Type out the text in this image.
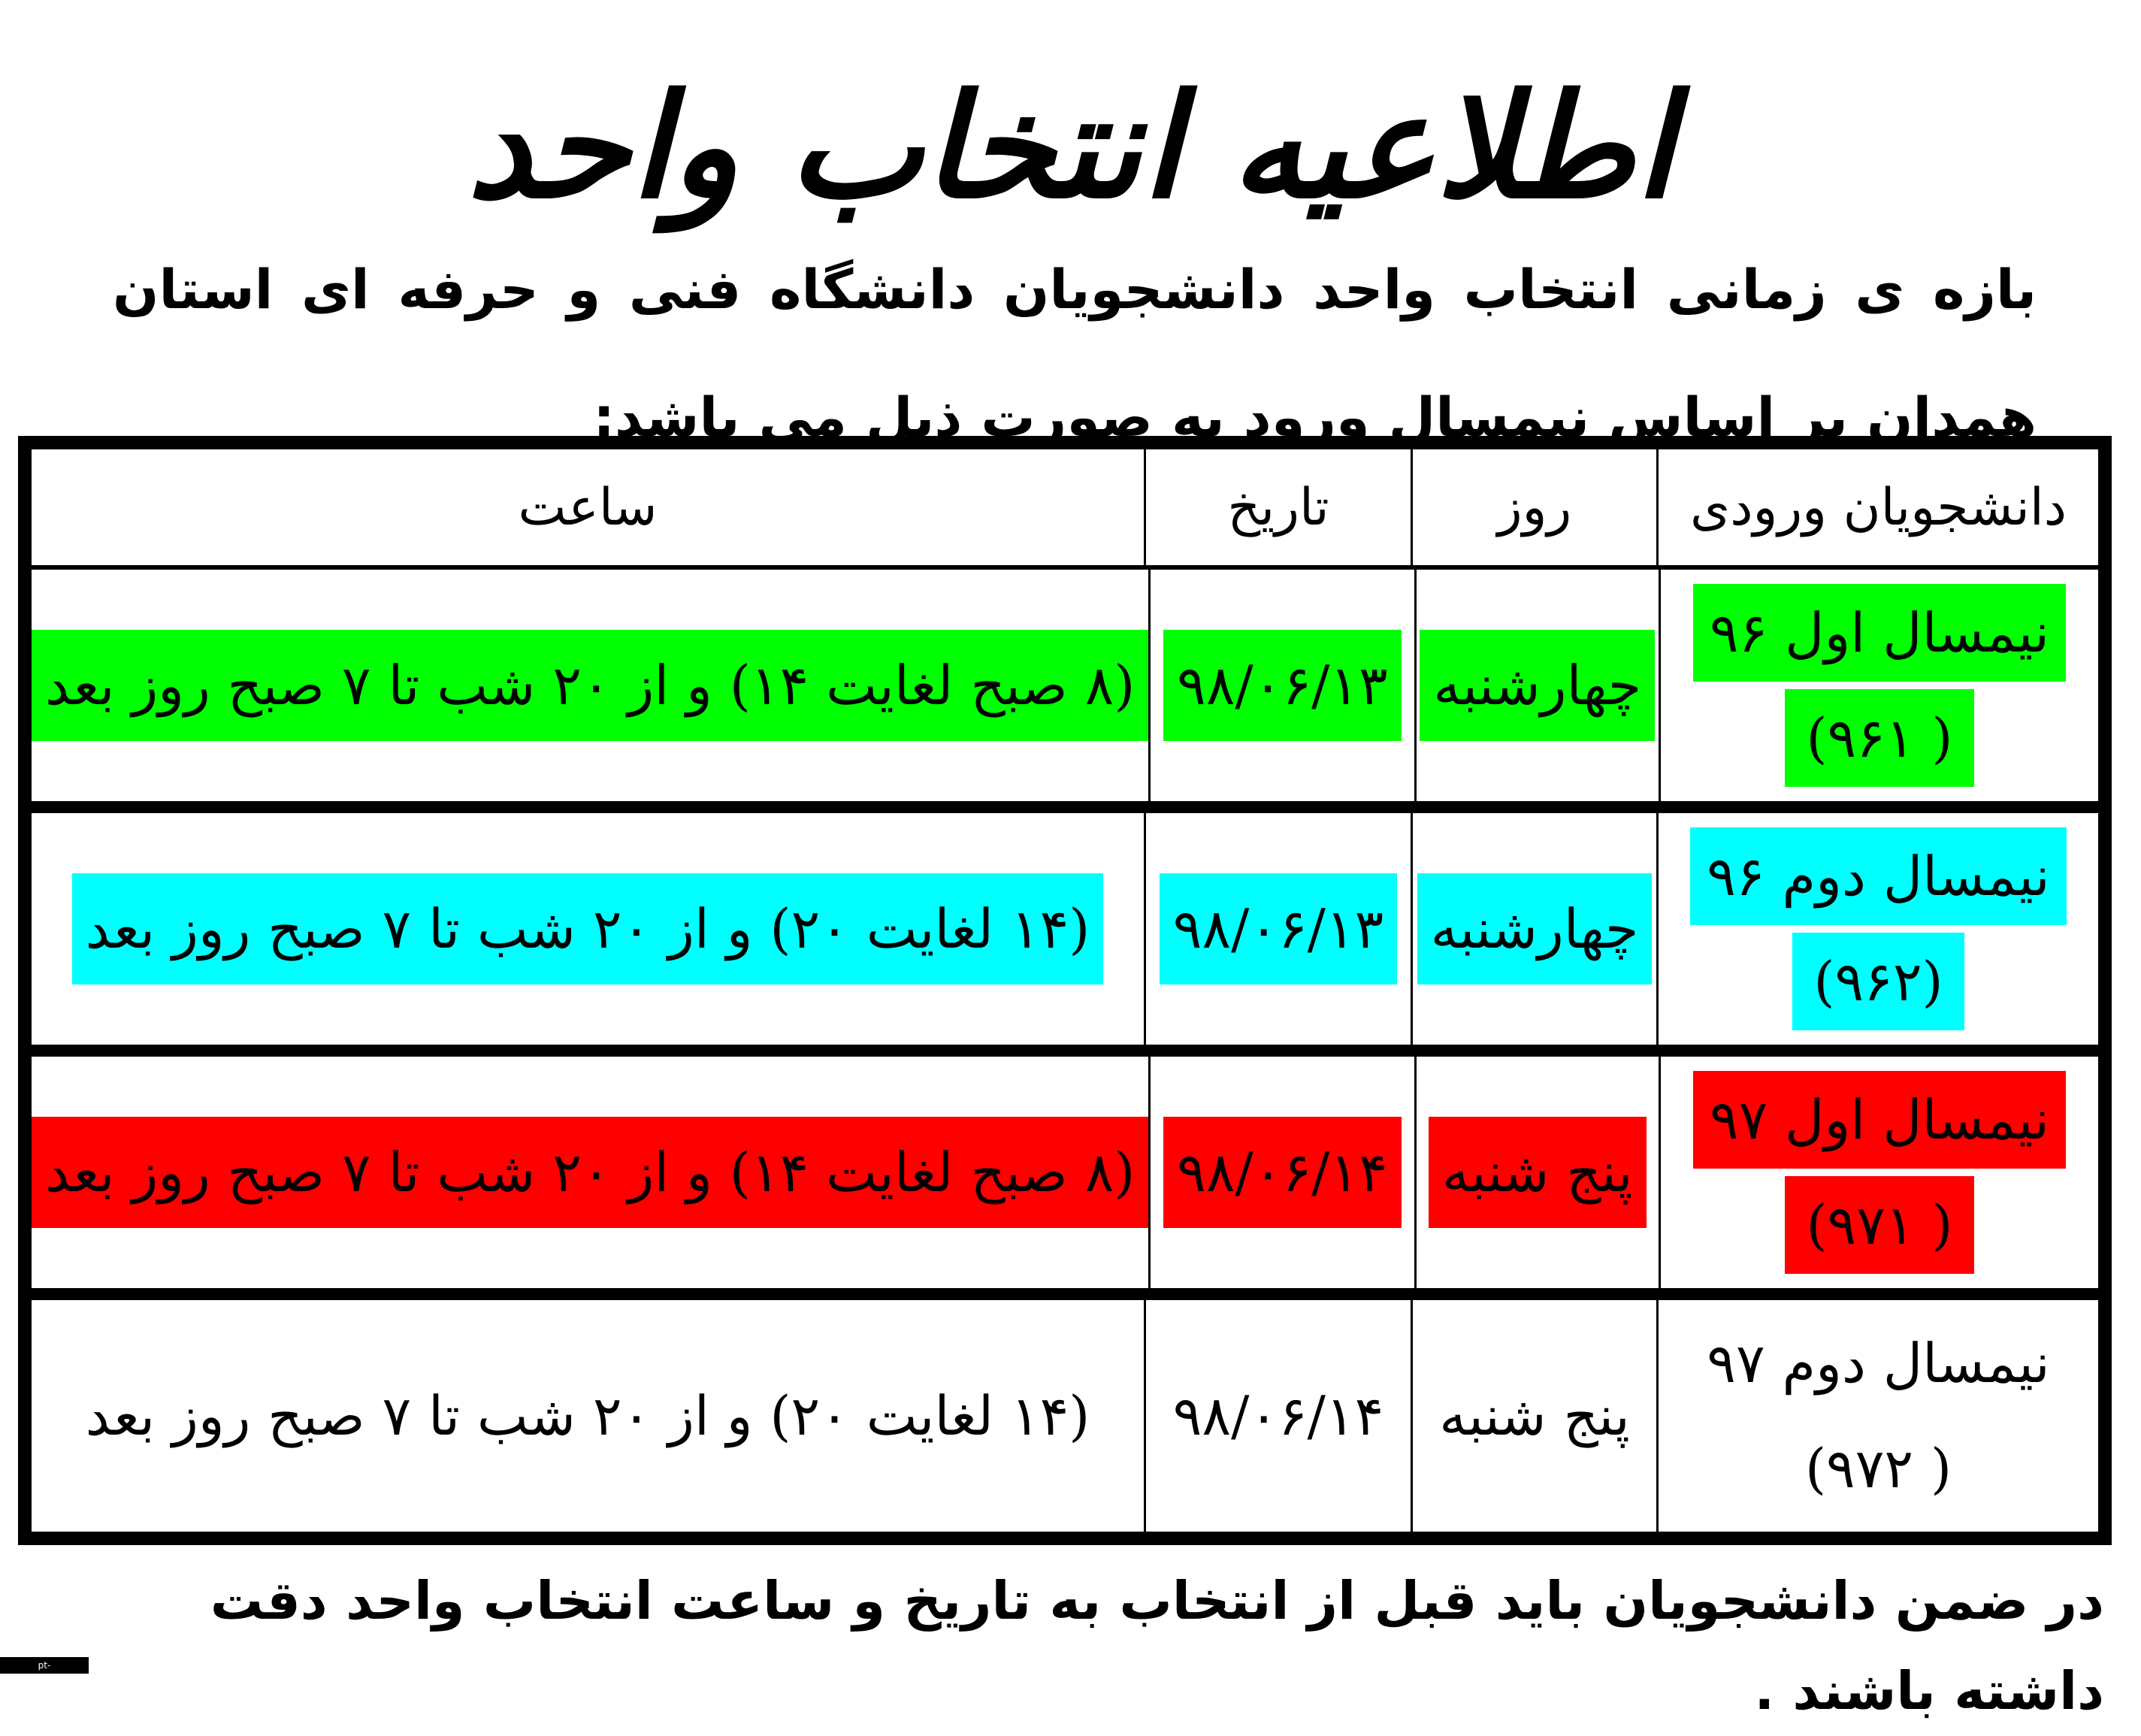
اطلاعیه انتخاب واحد
بازه ی زمانی انتخاب واحد دانشجویان دانشگاه فنی و حرفه ای استان همدان بر اساس نیمسال ورود به صورت ذیل می باشد:
دانشجویان ورودی
روز
تاریخ
ساعت
نیمسال اول ۹۶
( ۹۶۱)
چهارشنبه
۹۸/۰۶/۱۳
(۸ صبح لغایت ۱۴) و از ۲۰ شب تا ۷ صبح روز بعد
نیمسال دوم ۹۶
(۹۶۲)
چهارشنبه
۹۸/۰۶/۱۳
(۱۴ لغایت ۲۰) و از ۲۰ شب تا ۷ صبح روز بعد
نیمسال اول ۹۷
( ۹۷۱)
پنج شنبه
۹۸/۰۶/۱۴
(۸ صبح لغایت ۱۴) و از ۲۰ شب تا ۷ صبح روز بعد
نیمسال دوم ۹۷
( ۹۷۲)
پنج شنبه
۹۸/۰۶/۱۴
(۱۴ لغایت ۲۰) و از ۲۰ شب تا ۷ صبح روز بعد
در ضمن دانشجویان باید قبل از انتخاب به تاریخ و ساعت انتخاب واحد دقت داشته باشند .
pt-hamedan.tvu.ac.ir
